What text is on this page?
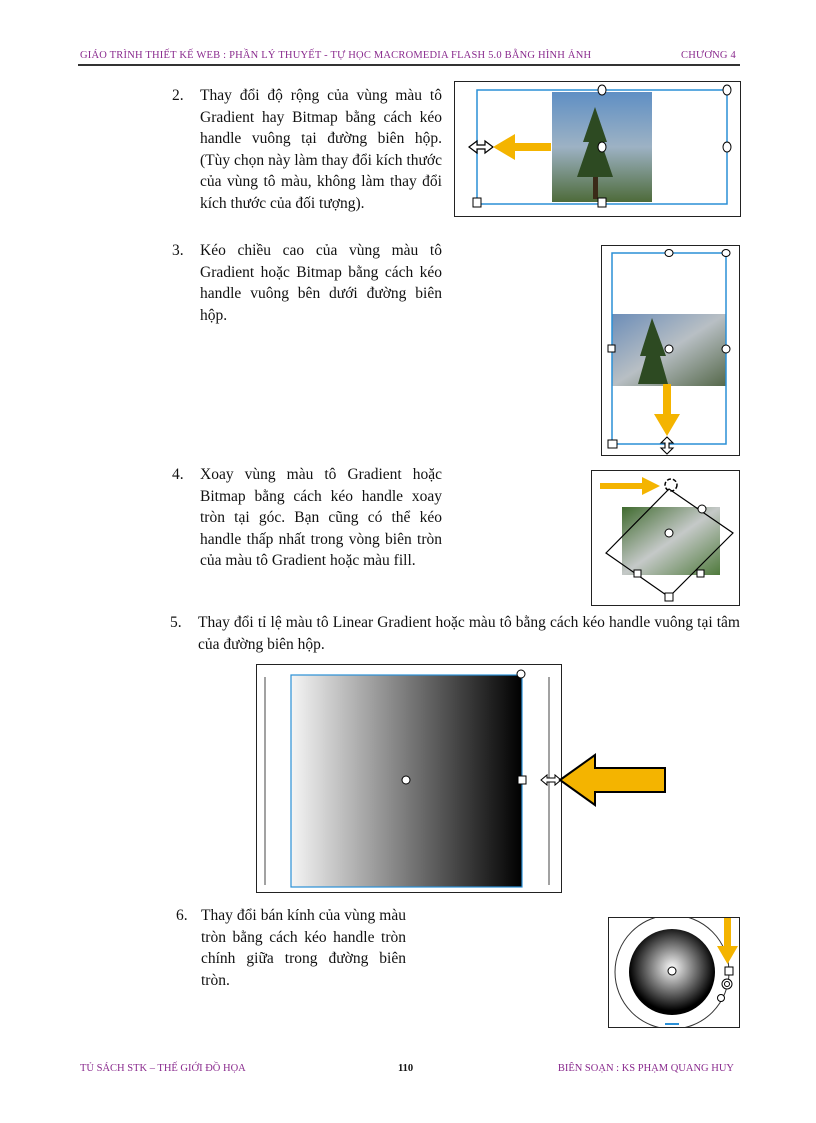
GIÁO TRÌNH THIẾT KẾ WEB : PHẦN LÝ THUYẾT - TỰ HỌC MACROMEDIA FLASH 5.0 BẰNG HÌNH ẢNH	CHƯƠNG 4
2. Thay đổi độ rộng của vùng màu tô Gradient hay Bitmap bằng cách kéo handle vuông tại đường biên hộp. (Tùy chọn này làm thay đổi kích thước của vùng tô màu, không làm thay đổi kích thước của đối tượng).
3. Kéo chiều cao của vùng màu tô Gradient hoặc Bitmap bằng cách kéo handle vuông bên dưới đường biên hộp.
4. Xoay vùng màu tô Gradient hoặc Bitmap bằng cách kéo handle xoay tròn tại góc. Bạn cũng có thể kéo handle thấp nhất trong vòng biên tròn của màu tô Gradient hoặc màu fill.
5. Thay đổi tỉ lệ màu tô Linear Gradient hoặc màu tô bằng cách kéo handle vuông tại tâm của đường biên hộp.
6. Thay đổi bán kính của vùng màu tròn bằng cách kéo handle tròn chính giữa trong đường biên tròn.
TỦ SÁCH STK – THẾ GIỚI ĐỒ HỌA	110	BIÊN SOẠN : KS PHẠM QUANG HUY
